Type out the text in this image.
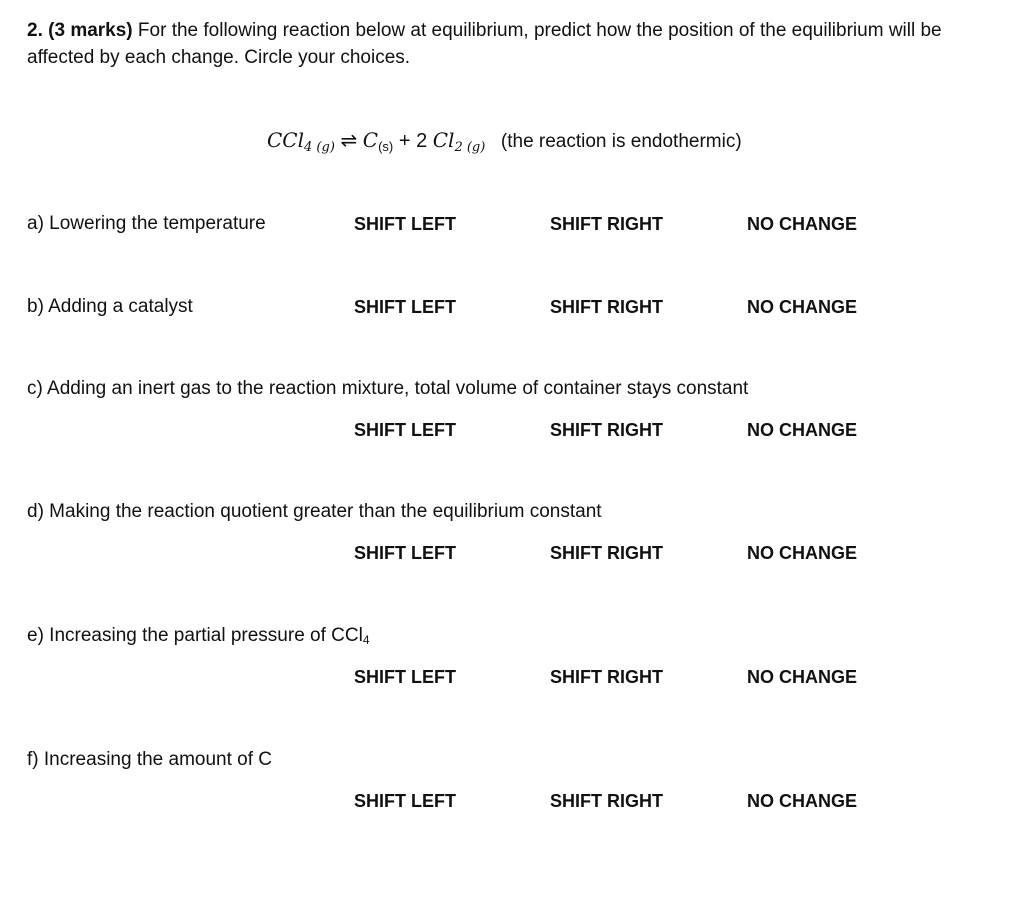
2. (3 marks) For the following reaction below at equilibrium, predict how the position of the equilibrium will be affected by each change. Circle your choices.
CCl$_{4 (g)}$ ⇌ $C_{(s)} + 2$ $Cl_{2 (g)}$ (the reaction is endothermic)
a) Lowering the temperature	SHIFT LEFT	SHIFT RIGHT	NO CHANGE
b) Adding a catalyst	SHIFT LEFT	SHIFT RIGHT	NO CHANGE
c) Adding an inert gas to the reaction mixture, total volume of container stays constant
SHIFT LEFT	SHIFT RIGHT	NO CHANGE
d) Making the reaction quotient greater than the equilibrium constant
SHIFT LEFT	SHIFT RIGHT	NO CHANGE
e) Increasing the partial pressure of CCl$_4$
SHIFT LEFT	SHIFT RIGHT	NO CHANGE
f) Increasing the amount of C
SHIFT LEFT	SHIFT RIGHT	NO CHANGE
